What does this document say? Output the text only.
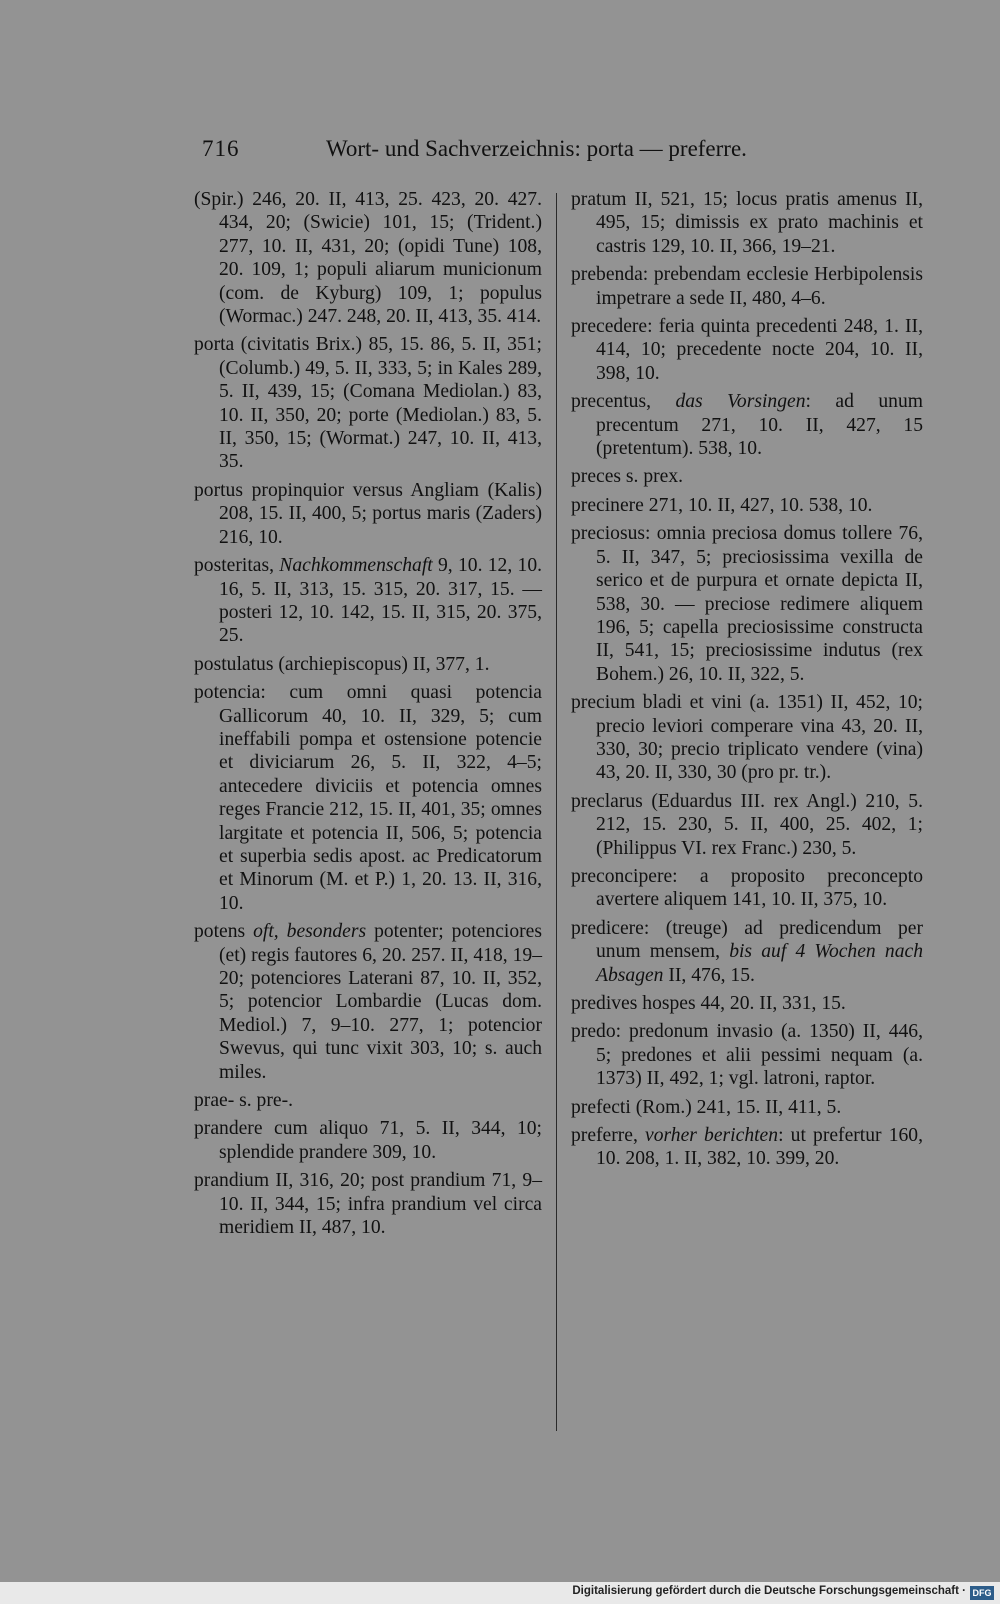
716	Wort- und Sachverzeichnis: porta — preferre.

(Spir.) 246, 20. II, 413, 25. 423, 20. 427. 434, 20; (Swicie) 101, 15; (Trident.) 277, 10. II, 431, 20; (opidi Tune) 108, 20. 109, 1; populi aliarum municionum (com. de Kyburg) 109, 1; populus (Wormac.) 247. 248, 20. II, 413, 35. 414.

porta (civitatis Brix.) 85, 15. 86, 5. II, 351; (Columb.) 49, 5. II, 333, 5; in Kales 289, 5. II, 439, 15; (Comana Mediolan.) 83, 10. II, 350, 20; porte (Mediolan.) 83, 5. II, 350, 15; (Wormat.) 247, 10. II, 413, 35.

portus propinquior versus Angliam (Kalis) 208, 15. II, 400, 5; portus maris (Zaders) 216, 10.

posteritas, Nachkommenschaft 9, 10. 12, 10. 16, 5. II, 313, 15. 315, 20. 317, 15. — posteri 12, 10. 142, 15. II, 315, 20. 375, 25.

postulatus (archiepiscopus) II, 377, 1.

potencia: cum omni quasi potencia Gallicorum 40, 10. II, 329, 5; cum ineffabili pompa et ostensione potencie et diviciarum 26, 5. II, 322, 4–5; antecedere diviciis et potencia omnes reges Francie 212, 15. II, 401, 35; omnes largitate et potencia II, 506, 5; potencia et superbia sedis apost. ac Predicatorum et Minorum (M. et P.) 1, 20. 13. II, 316, 10.

potens oft, besonders potenter; potenciores (et) regis fautores 6, 20. 257. II, 418, 19–20; potenciores Laterani 87, 10. II, 352, 5; potencior Lombardie (Lucas dom. Mediol.) 7, 9–10. 277, 1; potencior Swevus, qui tunc vixit 303, 10; s. auch miles.

prae- s. pre-.

prandere cum aliquo 71, 5. II, 344, 10; splendide prandere 309, 10.

prandium II, 316, 20; post prandium 71, 9–10. II, 344, 15; infra prandium vel circa meridiem II, 487, 10.

pratum II, 521, 15; locus pratis amenus II, 495, 15; dimissis ex prato machinis et castris 129, 10. II, 366, 19–21.

prebenda: prebendam ecclesie Herbipolensis impetrare a sede II, 480, 4–6.

precedere: feria quinta precedenti 248, 1. II, 414, 10; precedente nocte 204, 10. II, 398, 10.

precentus, das Vorsingen: ad unum precentum 271, 10. II, 427, 15 (pretentum). 538, 10.

preces s. prex.

precinere 271, 10. II, 427, 10. 538, 10.

preciosus: omnia preciosa domus tollere 76, 5. II, 347, 5; preciosissima vexilla de serico et de purpura et ornate depicta II, 538, 30. — preciose redimere aliquem 196, 5; capella preciosissime constructa II, 541, 15; preciosissime indutus (rex Bohem.) 26, 10. II, 322, 5.

precium bladi et vini (a. 1351) II, 452, 10; precio leviori comperare vina 43, 20. II, 330, 30; precio triplicato vendere (vina) 43, 20. II, 330, 30 (pro pr. tr.).

preclarus (Eduardus III. rex Angl.) 210, 5. 212, 15. 230, 5. II, 400, 25. 402, 1; (Philippus VI. rex Franc.) 230, 5.

preconcipere: a proposito preconcepto avertere aliquem 141, 10. II, 375, 10.

predicere: (treuge) ad predicendum per unum mensem, bis auf 4 Wochen nach Absagen II, 476, 15.

predives hospes 44, 20. II, 331, 15.

predo: predonum invasio (a. 1350) II, 446, 5; predones et alii pessimi nequam (a. 1373) II, 492, 1; vgl. latroni, raptor.

prefecti (Rom.) 241, 15. II, 411, 5.

preferre, vorher berichten: ut prefertur 160, 10. 208, 1. II, 382, 10. 399, 20.

Digitalisierung gefördert durch die Deutsche Forschungsgemeinschaft · DFG
